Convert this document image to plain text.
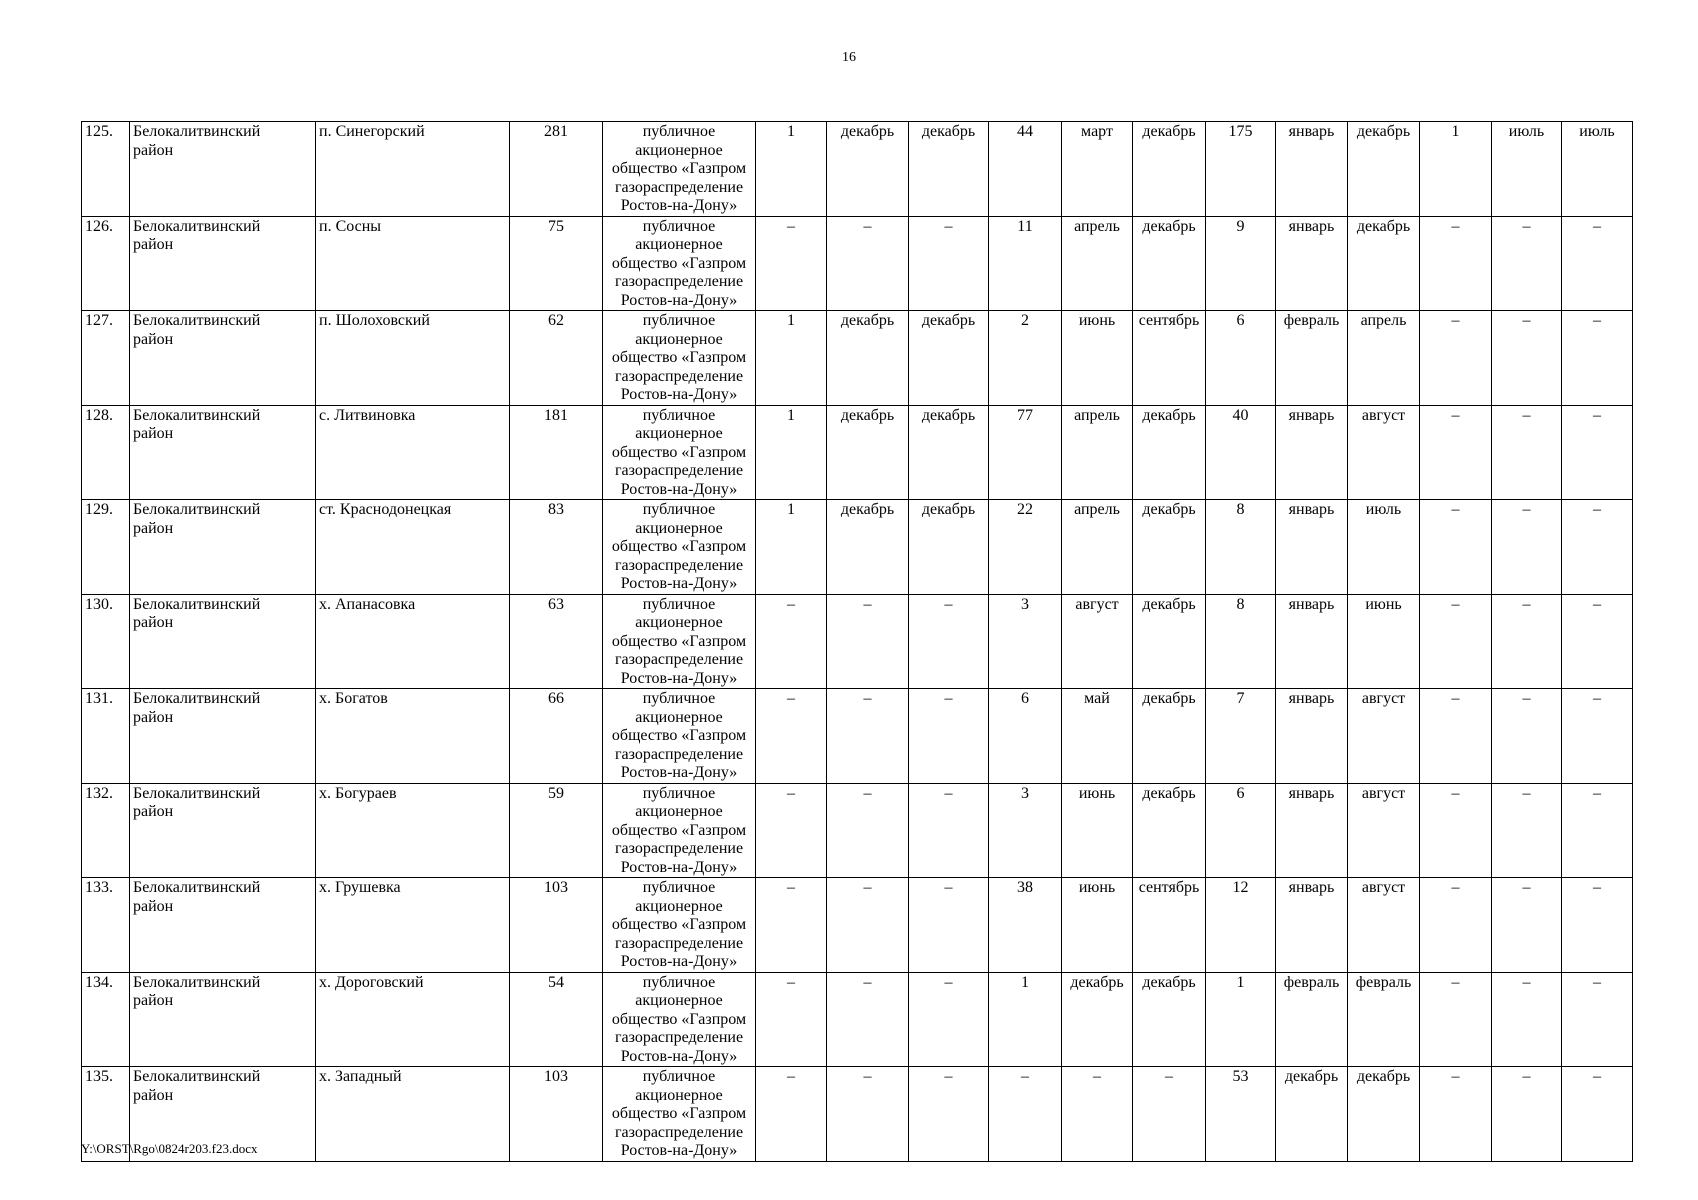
16
125.	Белокалитвинский
район	п. Синегорский	281	публичное
акционерное
общество «Газпром
газораспределение
Ростов-на-Дону»	1	декабрь	декабрь	44	март	декабрь	175	январь	декабрь	1	июль	июль
126.	Белокалитвинский
район	п. Сосны	75	публичное
акционерное
общество «Газпром
газораспределение
Ростов-на-Дону»	–	–	–	11	апрель	декабрь	9	январь	декабрь	–	–	–
127.	Белокалитвинский
район	п. Шолоховский	62	публичное
акционерное
общество «Газпром
газораспределение
Ростов-на-Дону»	1	декабрь	декабрь	2	июнь	сентябрь	6	февраль	апрель	–	–	–
128.	Белокалитвинский
район	с. Литвиновка	181	публичное
акционерное
общество «Газпром
газораспределение
Ростов-на-Дону»	1	декабрь	декабрь	77	апрель	декабрь	40	январь	август	–	–	–
129.	Белокалитвинский
район	ст. Краснодонецкая	83	публичное
акционерное
общество «Газпром
газораспределение
Ростов-на-Дону»	1	декабрь	декабрь	22	апрель	декабрь	8	январь	июль	–	–	–
130.	Белокалитвинский
район	х. Апанасовка	63	публичное
акционерное
общество «Газпром
газораспределение
Ростов-на-Дону»	–	–	–	3	август	декабрь	8	январь	июнь	–	–	–
131.	Белокалитвинский
район	х. Богатов	66	публичное
акционерное
общество «Газпром
газораспределение
Ростов-на-Дону»	–	–	–	6	май	декабрь	7	январь	август	–	–	–
132.	Белокалитвинский
район	х. Богураев	59	публичное
акционерное
общество «Газпром
газораспределение
Ростов-на-Дону»	–	–	–	3	июнь	декабрь	6	январь	август	–	–	–
133.	Белокалитвинский
район	х. Грушевка	103	публичное
акционерное
общество «Газпром
газораспределение
Ростов-на-Дону»	–	–	–	38	июнь	сентябрь	12	январь	август	–	–	–
134.	Белокалитвинский
район	х. Дороговский	54	публичное
акционерное
общество «Газпром
газораспределение
Ростов-на-Дону»	–	–	–	1	декабрь	декабрь	1	февраль	февраль	–	–	–
135.	Белокалитвинский
район	х. Западный	103	публичное
акционерное
общество «Газпром
газораспределение
Ростов-на-Дону»	–	–	–	–	–	–	53	декабрь	декабрь	–	–	–
Y:\ORST\Rgo\0824r203.f23.docx
